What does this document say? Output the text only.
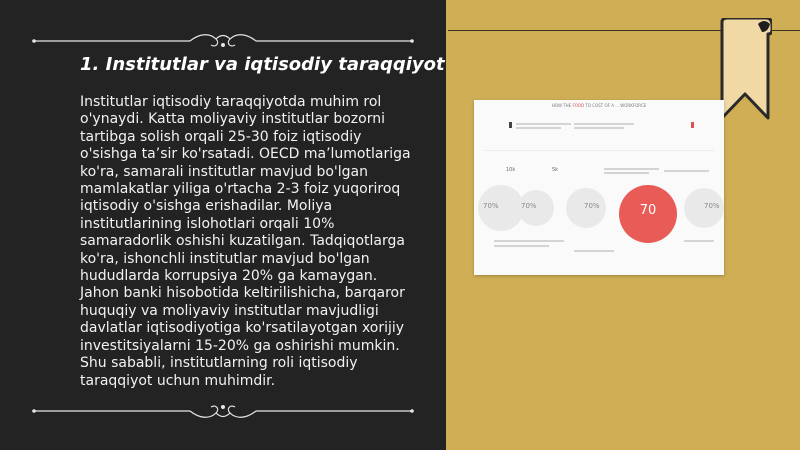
1. Institutlar va iqtisodiy taraqqiyot

Institutlar iqtisodiy taraqqiyotda muhim rol o'ynaydi. Katta moliyaviy institutlar bozorni tartibga solish orqali 25-30 foiz iqtisodiy o'sishga ta’sir ko'rsatadi. OECD ma’lumotlariga ko'ra, samarali institutlar mavjud bo'lgan mamlakatlar yiliga o'rtacha 2-3 foiz yuqoriroq iqtisodiy o'sishga erishadilar. Moliya institutlarining islohotlari orqali 10% samaradorlik oshishi kuzatilgan. Tadqiqotlarga ko'ra, ishonchli institutlar mavjud bo'lgan hududlarda korrupsiya 20% ga kamaygan. Jahon banki hisobotida keltirilishicha, barqaror huquqiy va moliyaviy institutlar mavjudligi davlatlar iqtisodiyotiga ko'rsatilayotgan xorijiy investitsiyalarni 15-20% ga oshirishi mumkin. Shu sababli, institutlarning roli iqtisodiy taraqqiyot uchun muhimdir.

HOW THE FOOD TO COST OF A ... WORKFORCE
10k	5k
70%	70%	70%	70%
70
